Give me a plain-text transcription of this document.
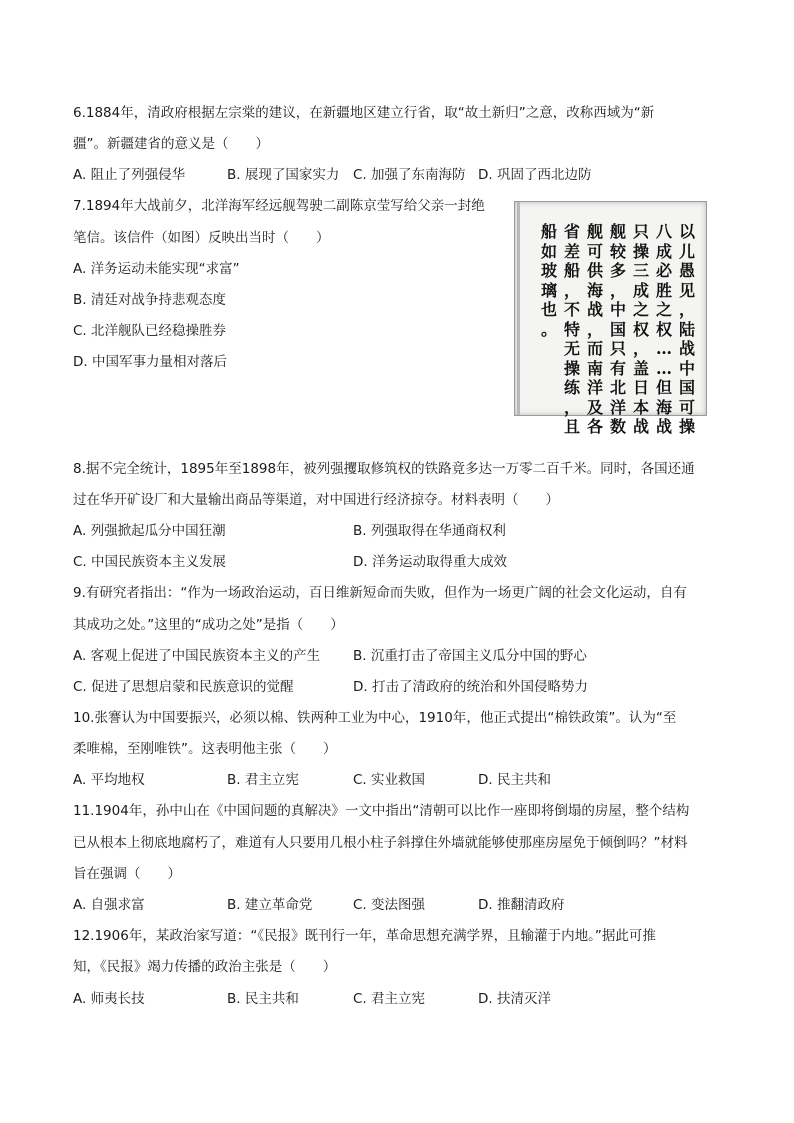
6.1884年，清政府根据左宗棠的建议，在新疆地区建立行省，取“故土新归”之意，改称西域为“新
疆”。新疆建省的意义是（　　）
A. 阻止了列强侵华	B. 展现了国家实力 C. 加强了东南海防 D. 巩固了西北边防
7.1894年大战前夕，北洋海军经远舰驾驶二副陈京莹写给父亲一封绝
笔信。该信件（如图）反映出当时（　　）
A. 洋务运动未能实现“求富”
B. 清廷对战争持悲观态度
C. 北洋舰队已经稳操胜券
D. 中国军事力量相对落后
以
儿
愚
见
，
陆
战
中
国
可
操
八
成
必
胜
之
权
…
…
但
海
战
只
操
三
成
之
权
，
盖
日
本
战
舰
较
多
，
中
国
只
有
北
洋
数
舰
可
供
海
战
，
而
南
洋
及
各
省
差
船
，
不
特
无
操
练
，
且
船
如
玻
璃
也
。
8.据不完全统计，1895年至1898年，被列强攫取修筑权的铁路竟多达一万零二百千米。同时，各国还通
过在华开矿设厂和大量输出商品等渠道，对中国进行经济掠夺。材料表明（　　）
A. 列强掀起瓜分中国狂潮	B. 列强取得在华通商权利
C. 中国民族资本主义发展	D. 洋务运动取得重大成效
9.有研究者指出：“作为一场政治运动，百日维新短命而失败，但作为一场更广阔的社会文化运动，自有
其成功之处。”这里的“成功之处”是指（　　）
A. 客观上促进了中国民族资本主义的产生 B. 沉重打击了帝国主义瓜分中国的野心
C. 促进了思想启蒙和民族意识的觉醒	D. 打击了清政府的统治和外国侵略势力
10.张謇认为中国要振兴，必须以棉、铁两种工业为中心，1910年，他正式提出“棉铁政策”。认为“至
柔唯棉，至刚唯铁”。这表明他主张（　　）
A. 平均地权	B. 君主立宪	C. 实业救国	D. 民主共和
11.1904年，孙中山在《中国问题的真解决》一文中指出“清朝可以比作一座即将倒塌的房屋，整个结构
已从根本上彻底地腐朽了，难道有人只要用几根小柱子斜撑住外墙就能够使那座房屋免于倾倒吗？”材料
旨在强调（　　）
A. 自强求富	B. 建立革命党	C. 变法图强	D. 推翻清政府
12.1906年，某政治家写道：“《民报》既刊行一年，革命思想充满学界，且输灌于内地。”据此可推
知，《民报》竭力传播的政治主张是（　　）
A. 师夷长技	B. 民主共和	C. 君主立宪	D. 扶清灭洋
